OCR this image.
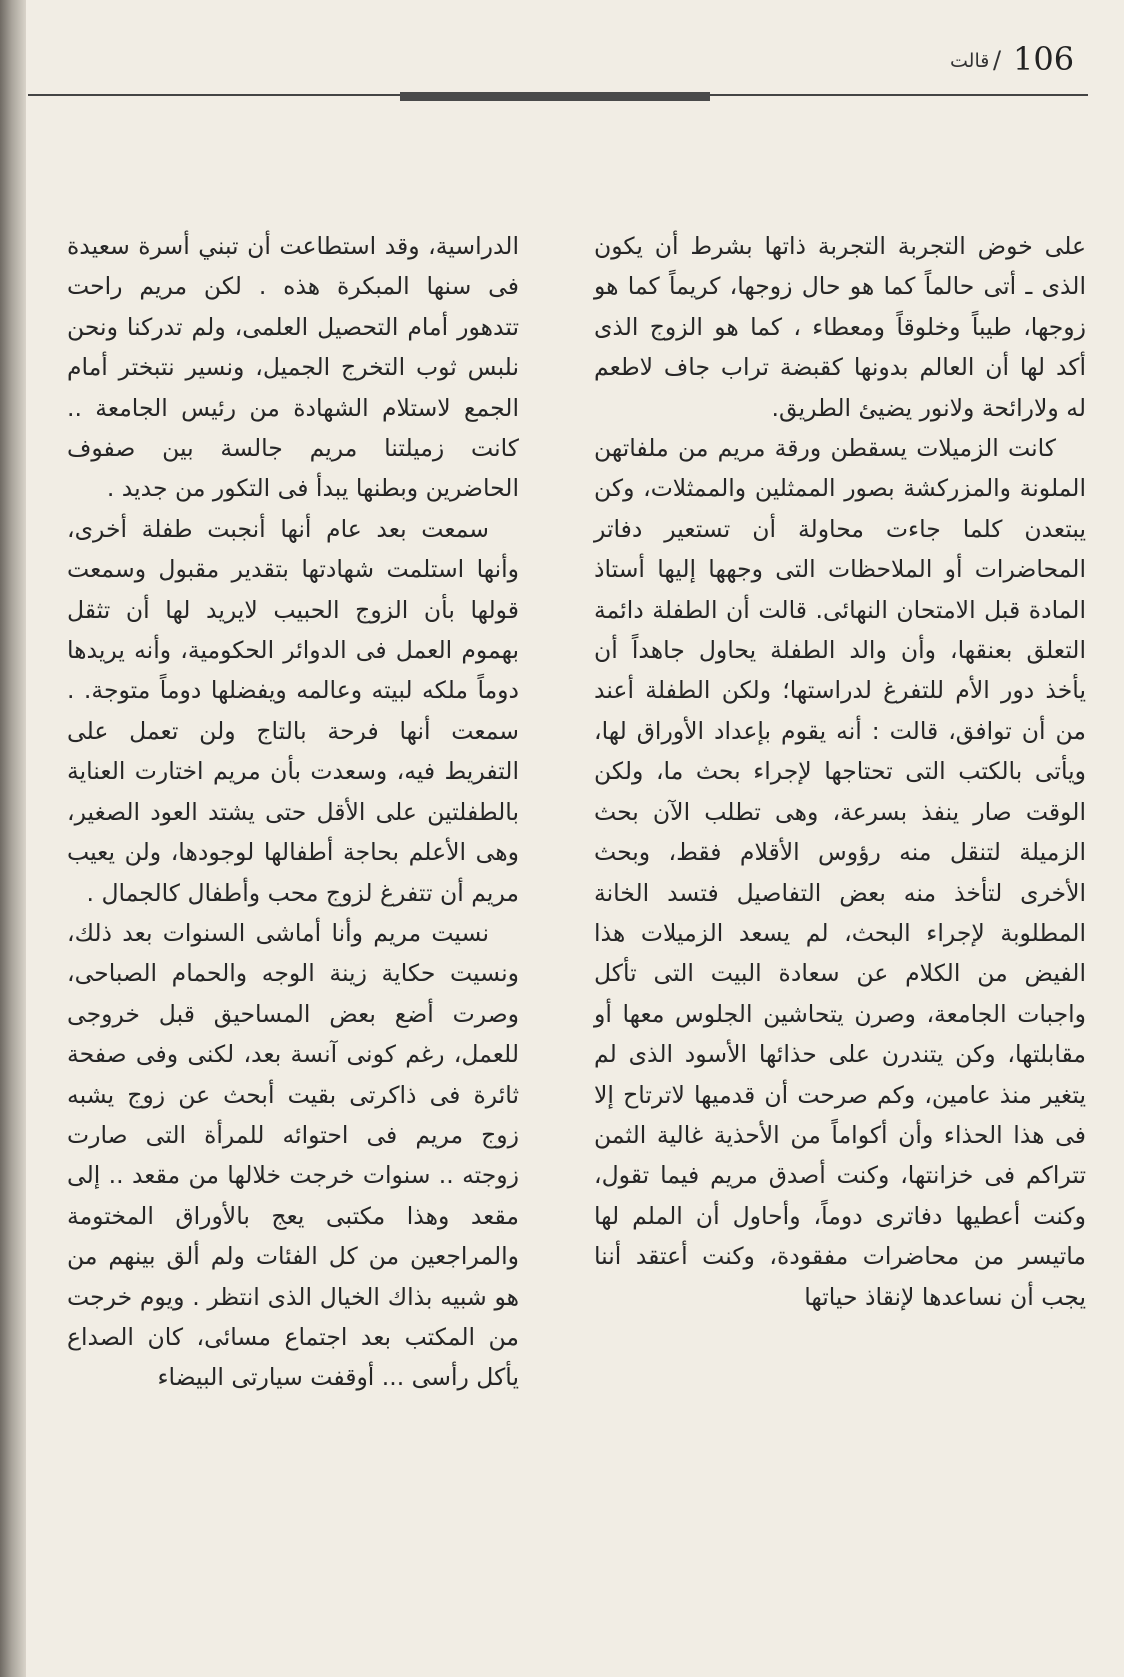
قالت / 106

على خوض التجربة التجربة ذاتها بشرط أن يكون الذى ـ أتى حالماً كما هو حال زوجها، كريماً كما هو زوجها، طيباً وخلوقاً ومعطاء ، كما هو الزوج الذى أكد لها أن العالم بدونها كقبضة تراب جاف لاطعم له ولارائحة ولانور يضيئ الطريق.

كانت الزميلات يسقطن ورقة مريم من ملفاتهن الملونة والمزركشة بصور الممثلين والممثلات، وكن يبتعدن كلما جاءت محاولة أن تستعير دفاتر المحاضرات أو الملاحظات التى وجهها إليها أستاذ المادة قبل الامتحان النهائى. قالت أن الطفلة دائمة التعلق بعنقها، وأن والد الطفلة يحاول جاهداً أن يأخذ دور الأم للتفرغ لدراستها؛ ولكن الطفلة أعند من أن توافق، قالت : أنه يقوم بإعداد الأوراق لها، ويأتى بالكتب التى تحتاجها لإجراء بحث ما، ولكن الوقت صار ينفذ بسرعة، وهى تطلب الآن بحث الزميلة لتنقل منه رؤوس الأقلام فقط، وبحث الأخرى لتأخذ منه بعض التفاصيل فتسد الخانة المطلوبة لإجراء البحث، لم يسعد الزميلات هذا الفيض من الكلام عن سعادة البيت التى تأكل واجبات الجامعة، وصرن يتحاشين الجلوس معها أو مقابلتها، وكن يتندرن على حذائها الأسود الذى لم يتغير منذ عامين، وكم صرحت أن قدميها لاترتاح إلا فى هذا الحذاء وأن أكواماً من الأحذية غالية الثمن تتراكم فى خزانتها، وكنت أصدق مريم فيما تقول، وكنت أعطيها دفاترى دوماً، وأحاول أن الملم لها ماتيسر من محاضرات مفقودة، وكنت أعتقد أننا يجب أن نساعدها لإنقاذ حياتها

الدراسية، وقد استطاعت أن تبني أسرة سعيدة فى سنها المبكرة هذه . لكن مريم راحت تتدهور أمام التحصيل العلمى، ولم تدركنا ونحن نلبس ثوب التخرج الجميل، ونسير نتبختر أمام الجمع لاستلام الشهادة من رئيس الجامعة .. كانت زميلتنا مريم جالسة بين صفوف الحاضرين وبطنها يبدأ فى التكور من جديد .

سمعت بعد عام أنها أنجبت طفلة أخرى، وأنها استلمت شهادتها بتقدير مقبول وسمعت قولها بأن الزوج الحبيب لايريد لها أن تثقل بهموم العمل فى الدوائر الحكومية، وأنه يريدها دوماً ملكه لبيته وعالمه ويفضلها دوماً متوجة. . سمعت أنها فرحة بالتاج ولن تعمل على التفريط فيه، وسعدت بأن مريم اختارت العناية بالطفلتين على الأقل حتى يشتد العود الصغير، وهى الأعلم بحاجة أطفالها لوجودها، ولن يعيب مريم أن تتفرغ لزوج محب وأطفال كالجمال .

نسيت مريم وأنا أماشى السنوات بعد ذلك، ونسيت حكاية زينة الوجه والحمام الصباحى، وصرت أضع بعض المساحيق قبل خروجى للعمل، رغم كونى آنسة بعد، لكنى وفى صفحة ثائرة فى ذاكرتى بقيت أبحث عن زوج يشبه زوج مريم فى احتوائه للمرأة التى صارت زوجته .. سنوات خرجت خلالها من مقعد .. إلى مقعد وهذا مكتبى يعج بالأوراق المختومة والمراجعين من كل الفئات ولم ألق بينهم من هو شبيه بذاك الخيال الذى انتظر . ويوم خرجت من المكتب بعد اجتماع مسائى، كان الصداع يأكل رأسى ... أوقفت سيارتى البيضاء
